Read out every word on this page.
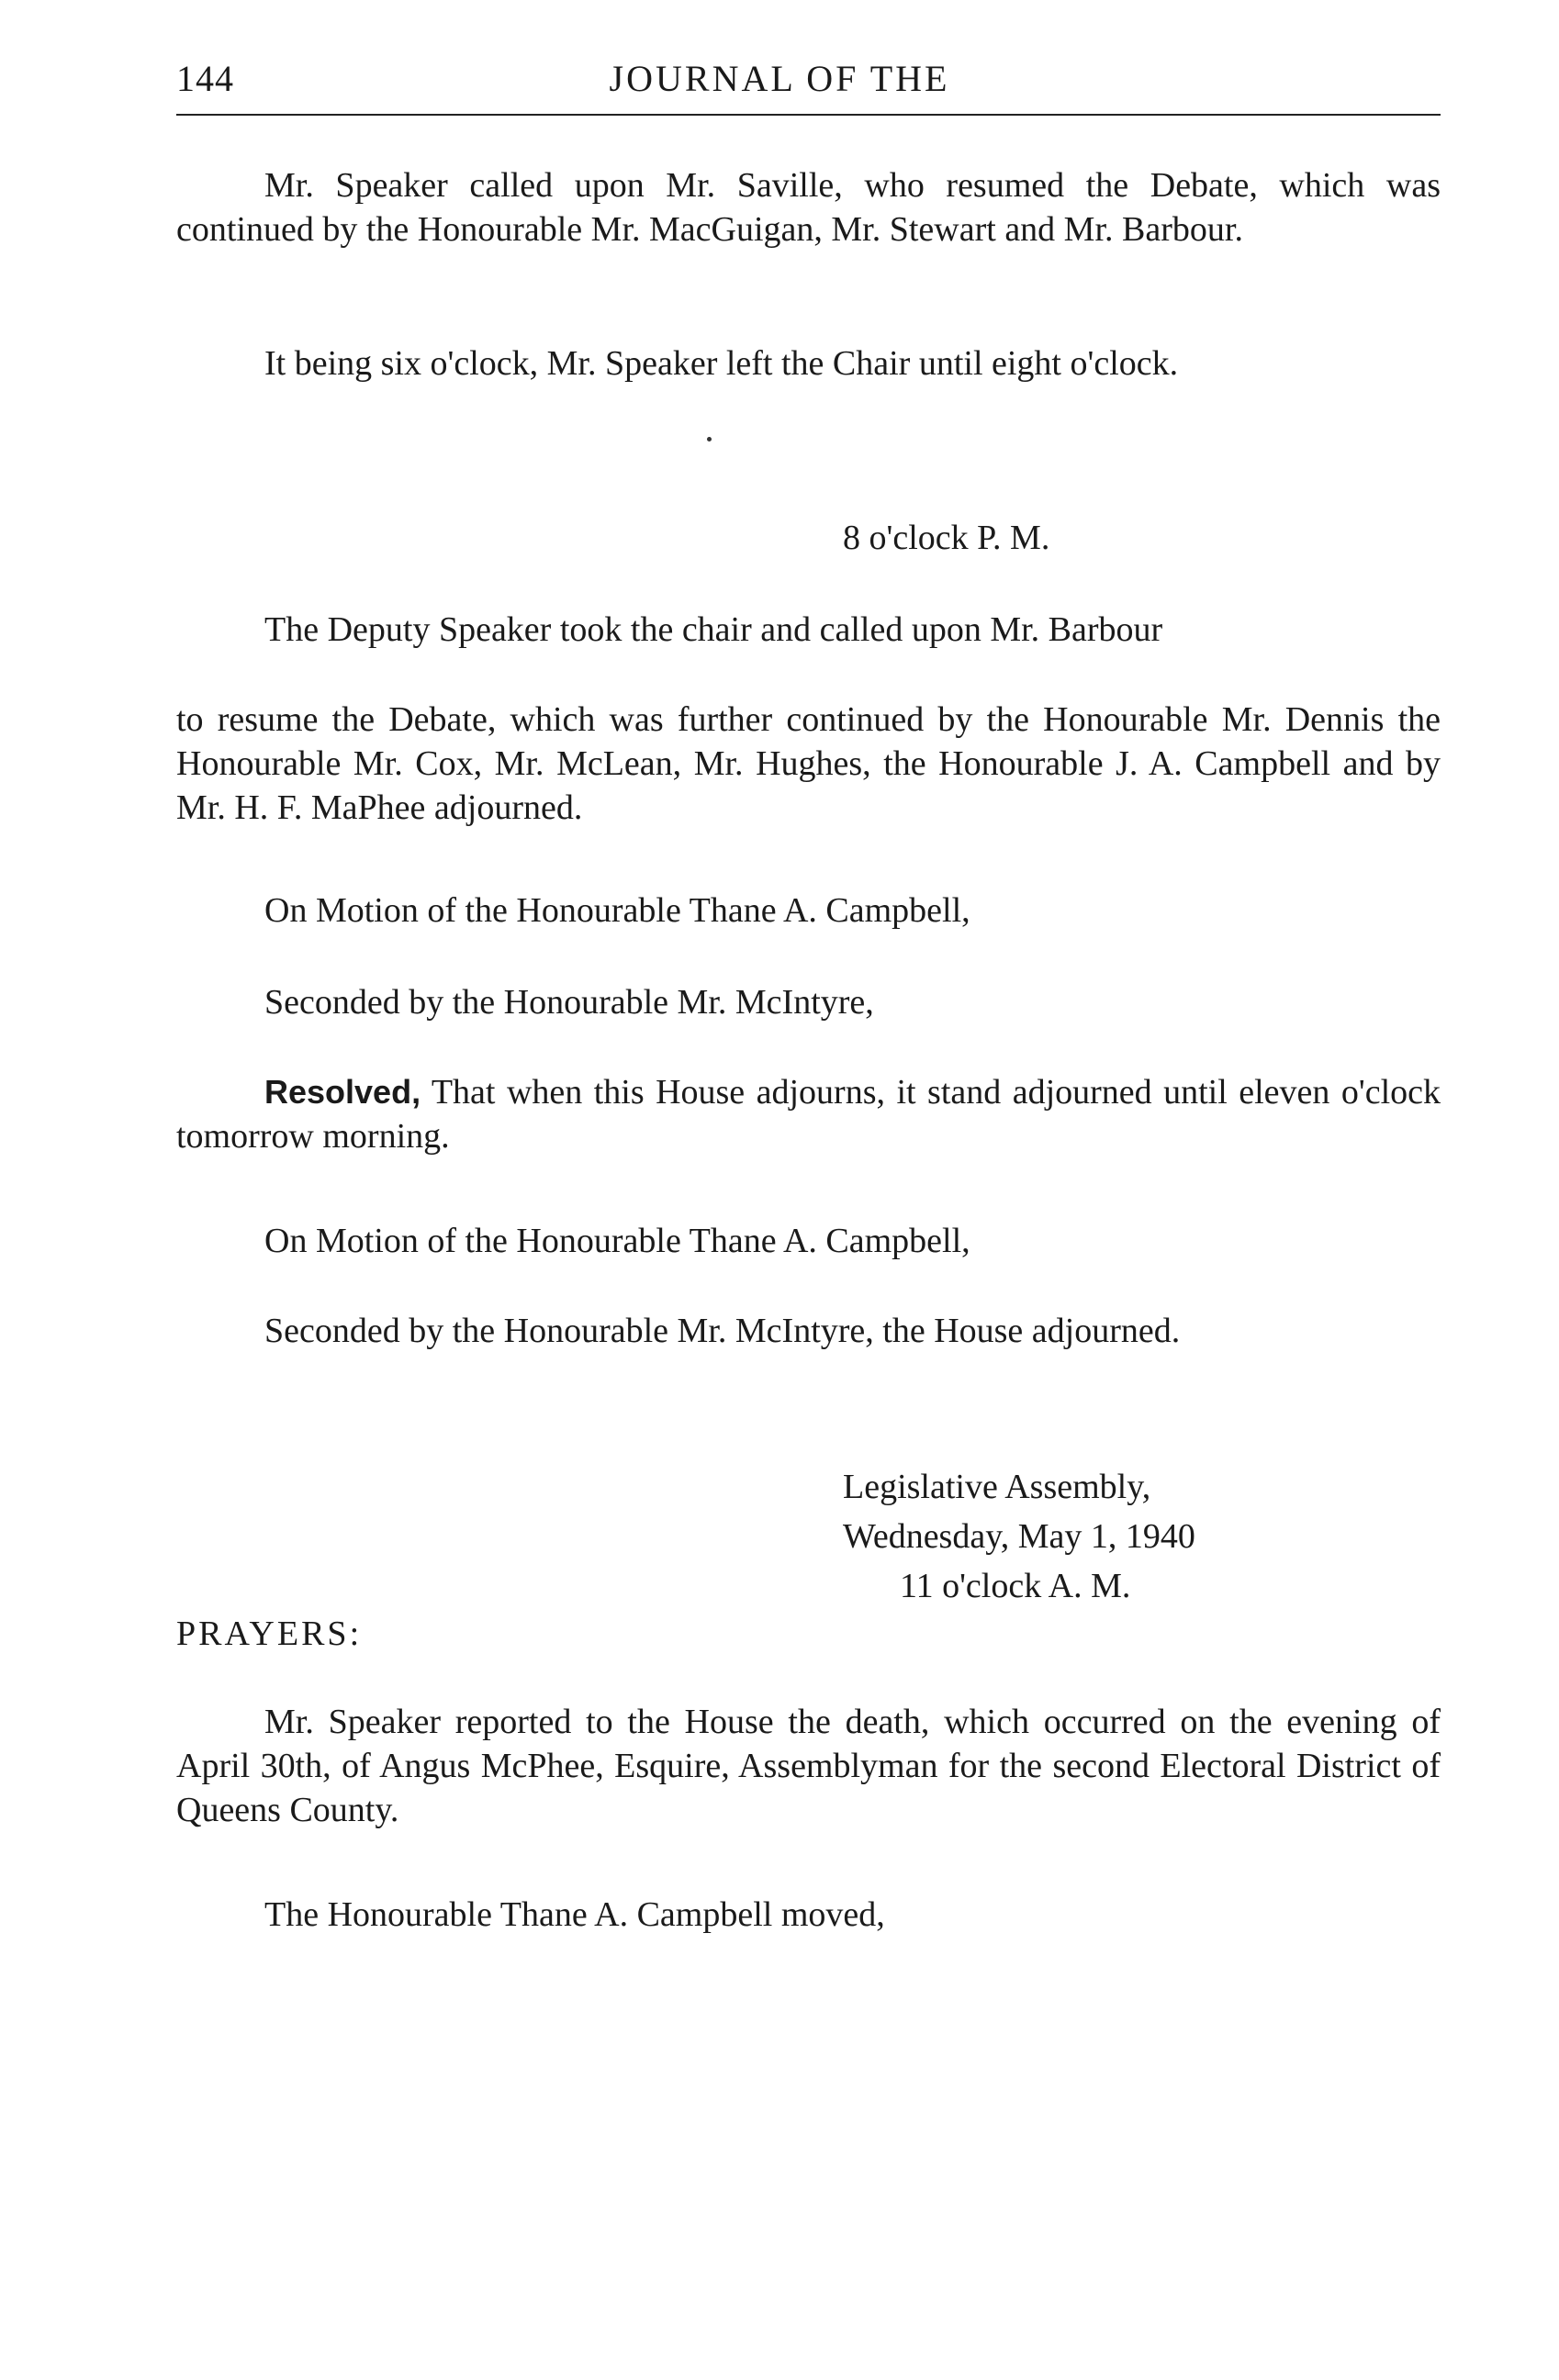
144	JOURNAL OF THE

Mr. Speaker called upon Mr. Saville, who resumed the Debate, which was continued by the Honourable Mr. MacGuigan, Mr. Stewart and Mr. Barbour.

It being six o'clock, Mr. Speaker left the Chair until eight o'clock.

8 o'clock P. M.

The Deputy Speaker took the chair and called upon Mr. Barbour

to resume the Debate, which was further continued by the Honourable Mr. Dennis the Honourable Mr. Cox, Mr. McLean, Mr. Hughes, the Honourable J. A. Campbell and by Mr. H. F. MaPhee adjourned.

On Motion of the Honourable Thane A. Campbell,

Seconded by the Honourable Mr. McIntyre,

Resolved, That when this House adjourns, it stand adjourned until eleven o'clock tomorrow morning.

On Motion of the Honourable Thane A. Campbell,

Seconded by the Honourable Mr. McIntyre, the House adjourned.

Legislative Assembly,

Wednesday, May 1, 1940

11 o'clock A. M.

PRAYERS:

Mr. Speaker reported to the House the death, which occurred on the evening of April 30th, of Angus McPhee, Esquire, Assemblyman for the second Electoral District of Queens County.

The Honourable Thane A. Campbell moved,
